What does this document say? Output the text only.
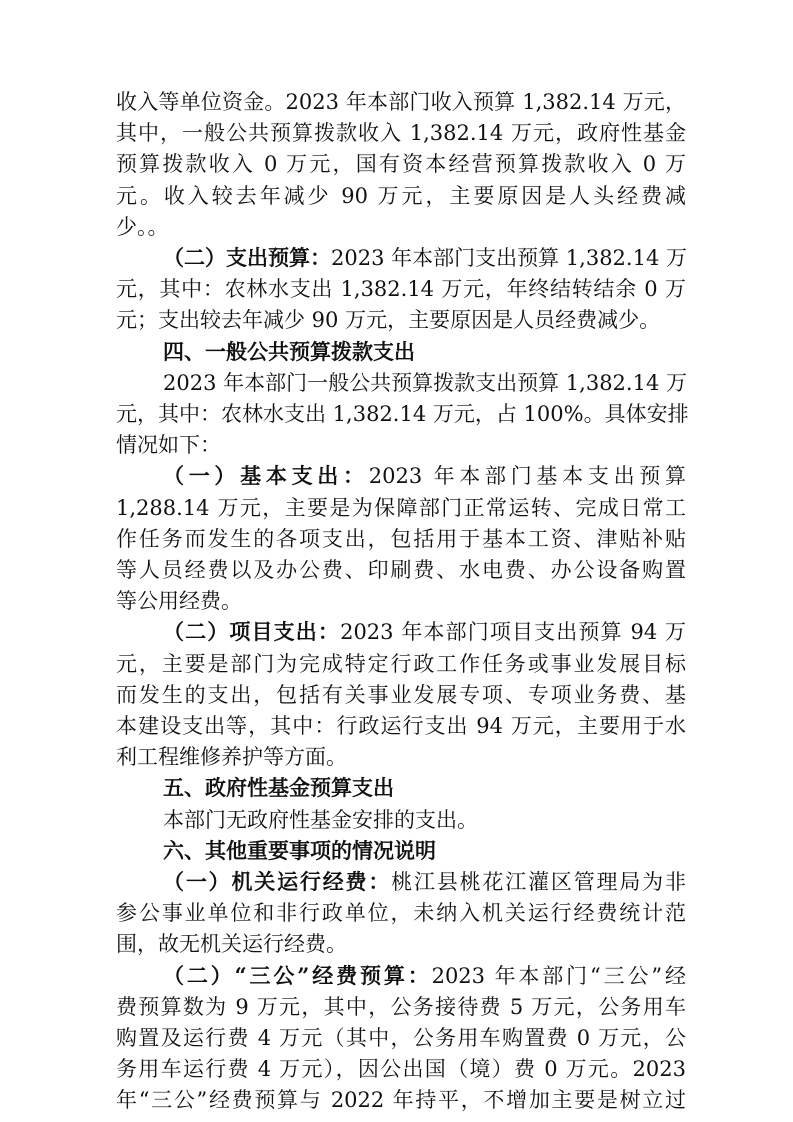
收入等单位资金。2023 年本部门收入预算 1,382.14 万元，
其中，一般公共预算拨款收入 1,382.14 万元，政府性基金
预算拨款收入 0 万元，国有资本经营预算拨款收入 0 万
元。收入较去年减少 90 万元，主要原因是人头经费减
少。。
（二）支出预算：2023 年本部门支出预算 1,382.14 万
元，其中：农林水支出 1,382.14 万元，年终结转结余 0 万
元；支出较去年减少 90 万元，主要原因是人员经费减少。
四、一般公共预算拨款支出
2023 年本部门一般公共预算拨款支出预算 1,382.14 万
元，其中：农林水支出 1,382.14 万元，占 100%。具体安排
情况如下：
（一）基本支出：2023 年本部门基本支出预算
1,288.14 万元，主要是为保障部门正常运转、完成日常工
作任务而发生的各项支出，包括用于基本工资、津贴补贴
等人员经费以及办公费、印刷费、水电费、办公设备购置
等公用经费。
（二）项目支出：2023 年本部门项目支出预算 94 万
元，主要是部门为完成特定行政工作任务或事业发展目标
而发生的支出，包括有关事业发展专项、专项业务费、基
本建设支出等，其中：行政运行支出 94 万元，主要用于水
利工程维修养护等方面。
五、政府性基金预算支出
本部门无政府性基金安排的支出。
六、其他重要事项的情况说明
（一）机关运行经费：桃江县桃花江灌区管理局为非
参公事业单位和非行政单位，未纳入机关运行经费统计范
围，故无机关运行经费。
（二）“三公”经费预算：2023 年本部门“三公”经
费预算数为 9 万元，其中，公务接待费 5 万元，公务用车
购置及运行费 4 万元（其中，公务用车购置费 0 万元，公
务用车运行费 4 万元），因公出国（境）费 0 万元。2023
年“三公”经费预算与 2022 年持平，不增加主要是树立过
